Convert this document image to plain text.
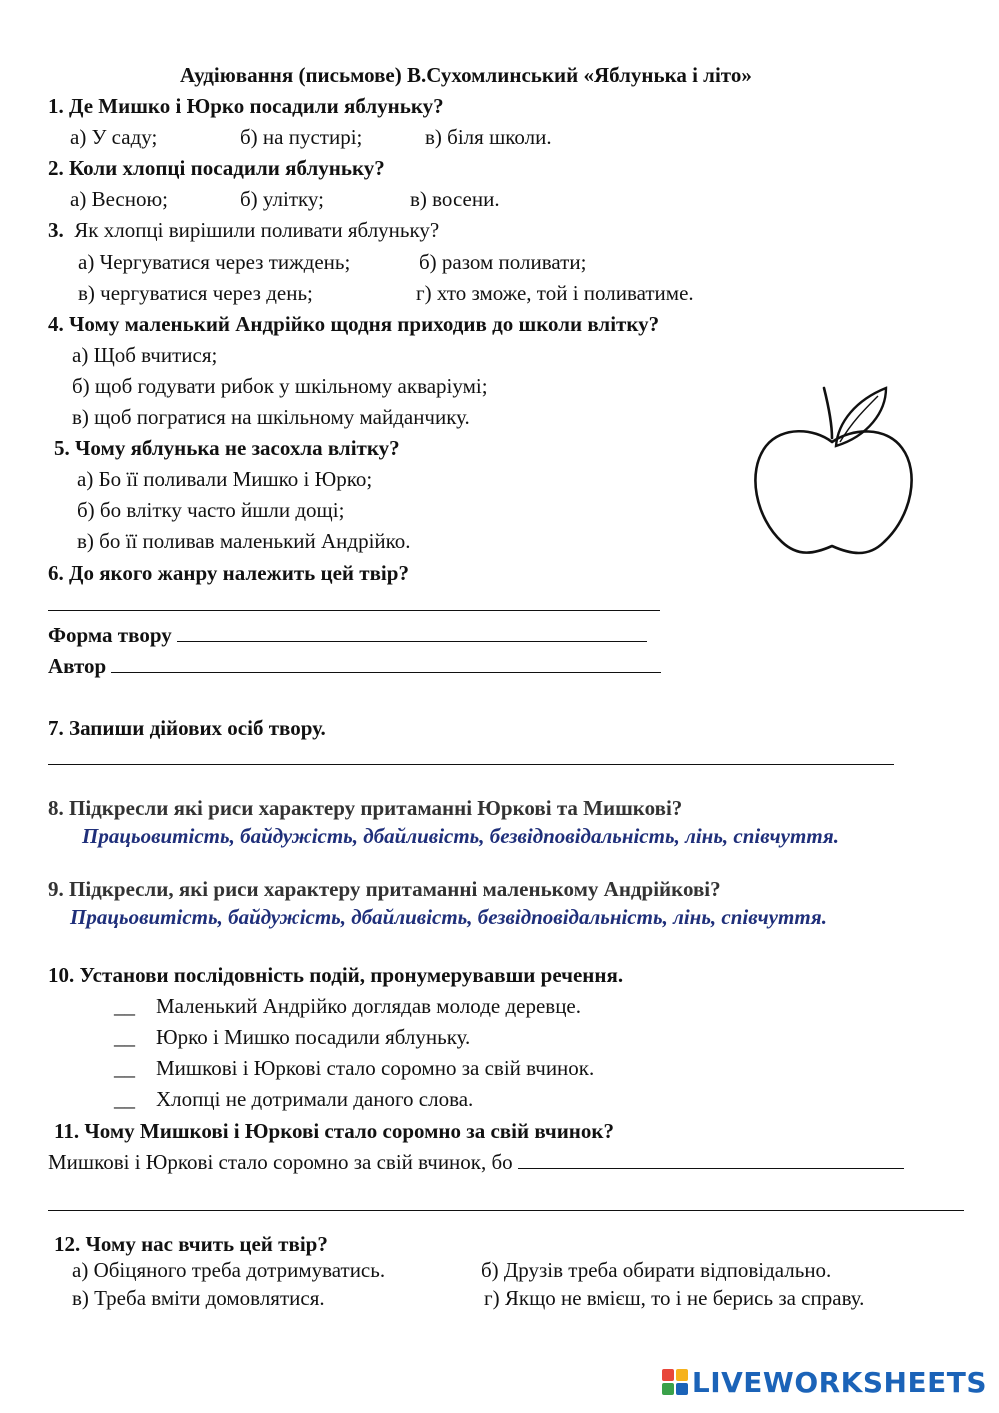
Аудіювання (письмове) В.Сухомлинський «Яблунька і літо»
1. Де Мишко і Юрко посадили яблуньку?
а) У саду;	б) на пустирі;	в) біля школи.
2. Коли хлопці посадили яблуньку?
а) Весною;	б) улітку;	в) восени.
3. Як хлопці вирішили поливати яблуньку?
а) Чергуватися через тиждень;	б) разом поливати;
в) чергуватися через день;	г) хто зможе, той і поливатиме.
4. Чому маленький Андрійко щодня приходив до школи влітку?
а) Щоб вчитися;
б) щоб годувати рибок у шкільному акваріумі;
в) щоб погратися на шкільному майданчику.
5. Чому яблунька не засохла влітку?
а) Бо її поливали Мишко і Юрко;
б) бо влітку часто йшли дощі;
в) бо її поливав маленький Андрійко.
6. До якого жанру належить цей твір?
Форма твору
Автор
7. Запиши дійових осіб твору.
8. Підкресли які риси характеру притаманні Юркові та Мишкові?
Працьовитість, байдужість, дбайливість, безвідповідальність, лінь, співчуття.
9. Підкресли, які риси характеру притаманні маленькому Андрійкові?
Працьовитість, байдужість, дбайливість, безвідповідальність, лінь, співчуття.
10. Установи послідовність подій, пронумерувавши речення.
__ Маленький Андрійко доглядав молоде деревце.
__ Юрко і Мишко посадили яблуньку.
__ Мишкові і Юркові стало соромно за свій вчинок.
__ Хлопці не дотримали даного слова.
11. Чому Мишкові і Юркові стало соромно за свій вчинок?
Мишкові і Юркові стало соромно за свій вчинок, бо
12. Чому нас вчить цей твір?
а) Обіцяного треба дотримуватись.	б) Друзів треба обирати відповідально.
в) Треба вміти домовлятися.	г) Якщо не вмієш, то і не берись за справу.
LIVEWORKSHEETS
